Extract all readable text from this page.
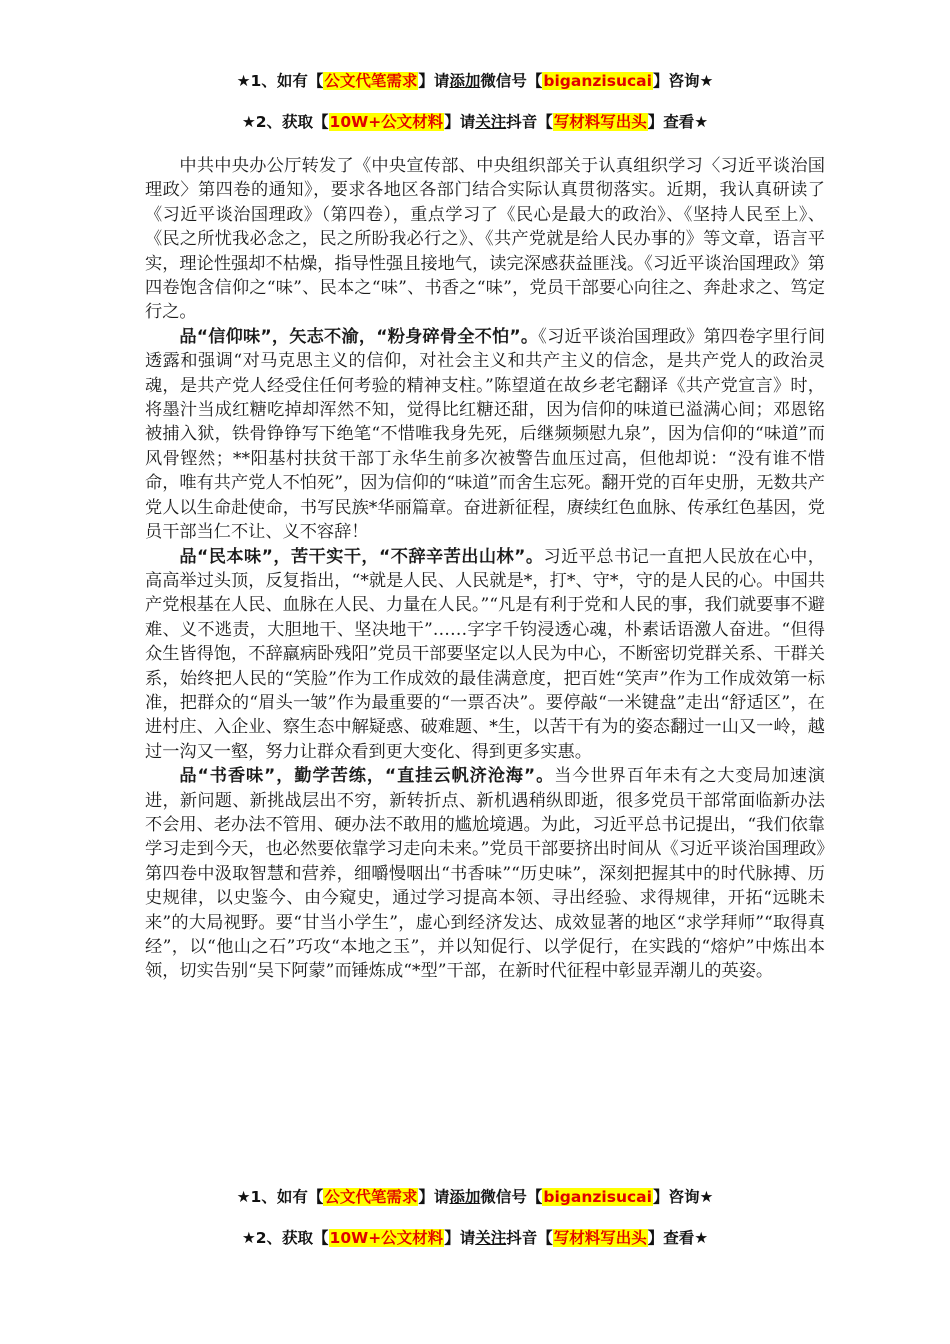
★1、如有【公文代笔需求】请添加微信号【biganzisucai】咨询★
★2、获取【10W+公文材料】请关注抖音【写材料写出头】查看★

中共中央办公厅转发了《中央宣传部、中央组织部关于认真组织学习〈习近平谈治国理政〉第四卷的通知》，要求各地区各部门结合实际认真贯彻落实。近期，我认真研读了《习近平谈治国理政》（第四卷），重点学习了《民心是最大的政治》、《坚持人民至上》、《民之所忧我必念之，民之所盼我必行之》、《共产党就是给人民办事的》等文章，语言平实，理论性强却不枯燥，指导性强且接地气，读完深感获益匪浅。《习近平谈治国理政》第四卷饱含信仰之“味”、民本之“味”、书香之“味”，党员干部要心向往之、奔赴求之、笃定行之。

品“信仰味”，矢志不渝，“粉身碎骨全不怕”。《习近平谈治国理政》第四卷字里行间透露和强调“对马克思主义的信仰，对社会主义和共产主义的信念，是共产党人的政治灵魂，是共产党人经受住任何考验的精神支柱。”陈望道在故乡老宅翻译《共产党宣言》时，将墨汁当成红糖吃掉却浑然不知，觉得比红糖还甜，因为信仰的味道已溢满心间；邓恩铭被捕入狱，铁骨铮铮写下绝笔“不惜唯我身先死，后继频频慰九泉”，因为信仰的“味道”而风骨铿然；**阳基村扶贫干部丁永华生前多次被警告血压过高，但他却说：“没有谁不惜命，唯有共产党人不怕死”，因为信仰的“味道”而舍生忘死。翻开党的百年史册，无数共产党人以生命赴使命，书写民族*华丽篇章。奋进新征程，赓续红色血脉、传承红色基因，党员干部当仁不让、义不容辞！

品“民本味”，苦干实干，“不辞辛苦出山林”。习近平总书记一直把人民放在心中，高高举过头顶，反复指出，“*就是人民、人民就是*，打*、守*，守的是人民的心。中国共产党根基在人民、血脉在人民、力量在人民。”“凡是有利于党和人民的事，我们就要事不避难、义不逃责，大胆地干、坚决地干”……字字千钧浸透心魂，朴素话语激人奋进。“但得众生皆得饱，不辞羸病卧残阳”党员干部要坚定以人民为中心，不断密切党群关系、干群关系，始终把人民的“笑脸”作为工作成效的最佳满意度，把百姓“笑声”作为工作成效第一标准，把群众的“眉头一皱”作为最重要的“一票否决”。要停敲“一米键盘”走出“舒适区”，在进村庄、入企业、察生态中解疑惑、破难题、*生，以苦干有为的姿态翻过一山又一岭，越过一沟又一壑，努力让群众看到更大变化、得到更多实惠。

品“书香味”，勤学苦练，“直挂云帆济沧海”。当今世界百年未有之大变局加速演进，新问题、新挑战层出不穷，新转折点、新机遇稍纵即逝，很多党员干部常面临新办法不会用、老办法不管用、硬办法不敢用的尴尬境遇。为此，习近平总书记提出，“我们依靠学习走到今天，也必然要依靠学习走向未来。”党员干部要挤出时间从《习近平谈治国理政》第四卷中汲取智慧和营养，细嚼慢咽出“书香味”“历史味”，深刻把握其中的时代脉搏、历史规律，以史鉴今、由今窥史，通过学习提高本领、寻出经验、求得规律，开拓“远眺未来”的大局视野。要“甘当小学生”，虚心到经济发达、成效显著的地区“求学拜师”“取得真经”，以“他山之石”巧攻“本地之玉”，并以知促行、以学促行，在实践的“熔炉”中炼出本领，切实告别“吴下阿蒙”而锤炼成“*型”干部，在新时代征程中彰显弄潮儿的英姿。

★1、如有【公文代笔需求】请添加微信号【biganzisucai】咨询★
★2、获取【10W+公文材料】请关注抖音【写材料写出头】查看★
